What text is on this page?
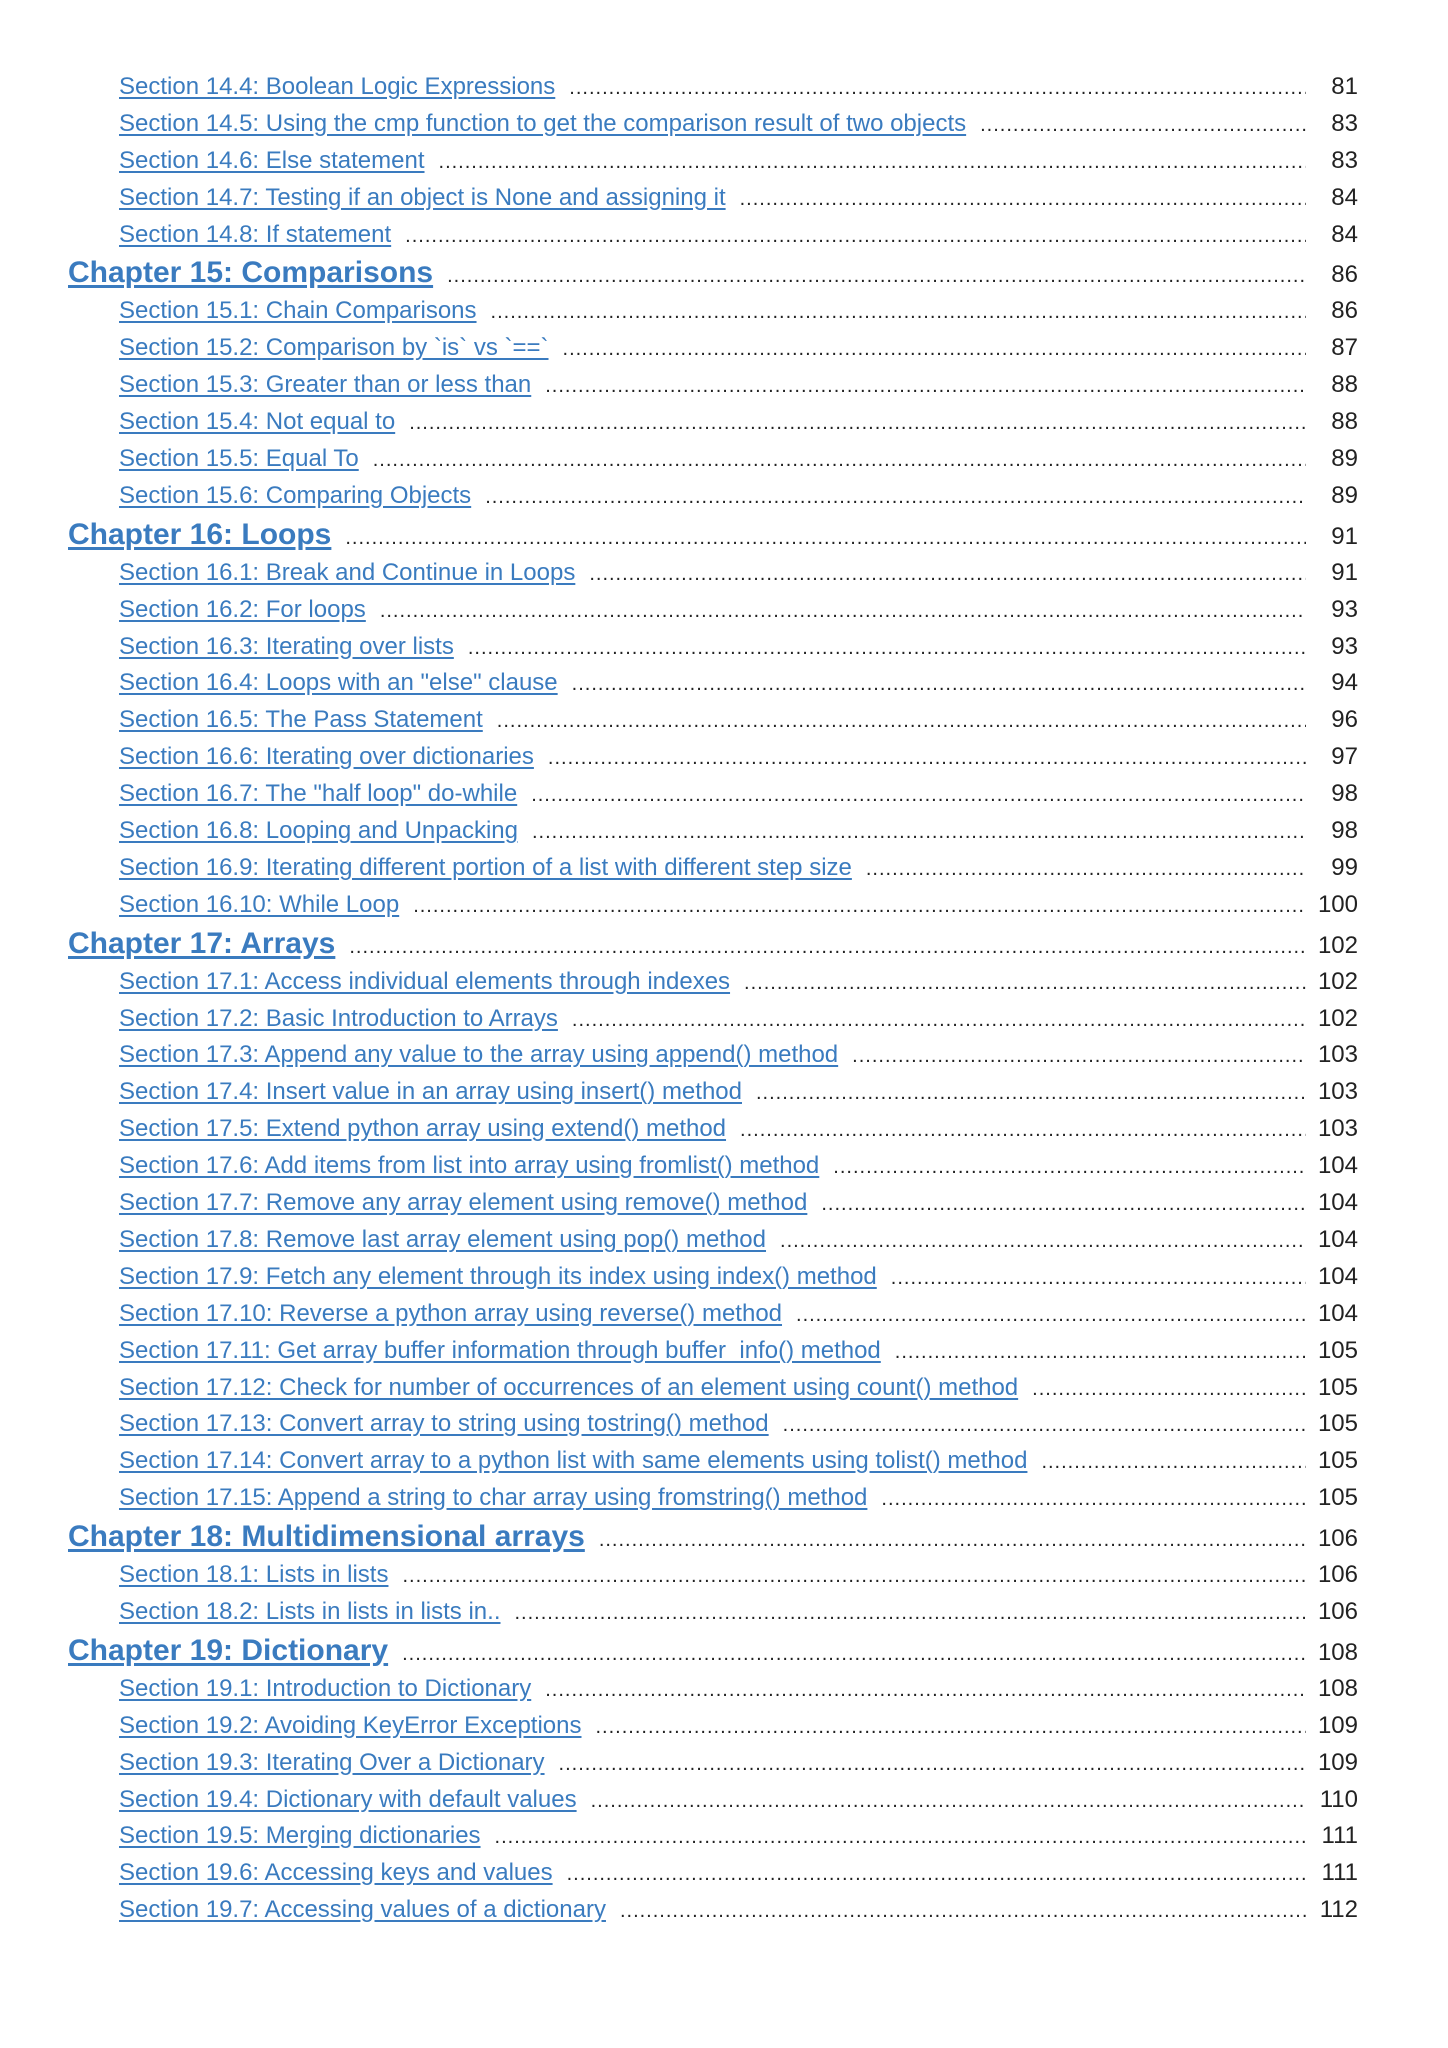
Section 14.4: Boolean Logic Expressions .....	81
Section 14.5: Using the cmp function to get the comparison result of two objects .....	83
Section 14.6: Else statement .....	83
Section 14.7: Testing if an object is None and assigning it .....	84
Section 14.8: If statement .....	84
Chapter 15: Comparisons .....	86
Section 15.1: Chain Comparisons .....	86
Section 15.2: Comparison by `is` vs `==` .....	87
Section 15.3: Greater than or less than .....	88
Section 15.4: Not equal to .....	88
Section 15.5: Equal To .....	89
Section 15.6: Comparing Objects .....	89
Chapter 16: Loops .....	91
Section 16.1: Break and Continue in Loops .....	91
Section 16.2: For loops .....	93
Section 16.3: Iterating over lists .....	93
Section 16.4: Loops with an "else" clause .....	94
Section 16.5: The Pass Statement .....	96
Section 16.6: Iterating over dictionaries .....	97
Section 16.7: The "half loop" do-while .....	98
Section 16.8: Looping and Unpacking .....	98
Section 16.9: Iterating different portion of a list with different step size .....	99
Section 16.10: While Loop .....	100
Chapter 17: Arrays .....	102
Section 17.1: Access individual elements through indexes .....	102
Section 17.2: Basic Introduction to Arrays .....	102
Section 17.3: Append any value to the array using append() method .....	103
Section 17.4: Insert value in an array using insert() method .....	103
Section 17.5: Extend python array using extend() method .....	103
Section 17.6: Add items from list into array using fromlist() method .....	104
Section 17.7: Remove any array element using remove() method .....	104
Section 17.8: Remove last array element using pop() method .....	104
Section 17.9: Fetch any element through its index using index() method .....	104
Section 17.10: Reverse a python array using reverse() method .....	104
Section 17.11: Get array buffer information through buffer_info() method .....	105
Section 17.12: Check for number of occurrences of an element using count() method .....	105
Section 17.13: Convert array to string using tostring() method .....	105
Section 17.14: Convert array to a python list with same elements using tolist() method .....	105
Section 17.15: Append a string to char array using fromstring() method .....	105
Chapter 18: Multidimensional arrays .....	106
Section 18.1: Lists in lists .....	106
Section 18.2: Lists in lists in lists in.. .....	106
Chapter 19: Dictionary .....	108
Section 19.1: Introduction to Dictionary .....	108
Section 19.2: Avoiding KeyError Exceptions .....	109
Section 19.3: Iterating Over a Dictionary .....	109
Section 19.4: Dictionary with default values .....	110
Section 19.5: Merging dictionaries .....	111
Section 19.6: Accessing keys and values .....	111
Section 19.7: Accessing values of a dictionary .....	112
